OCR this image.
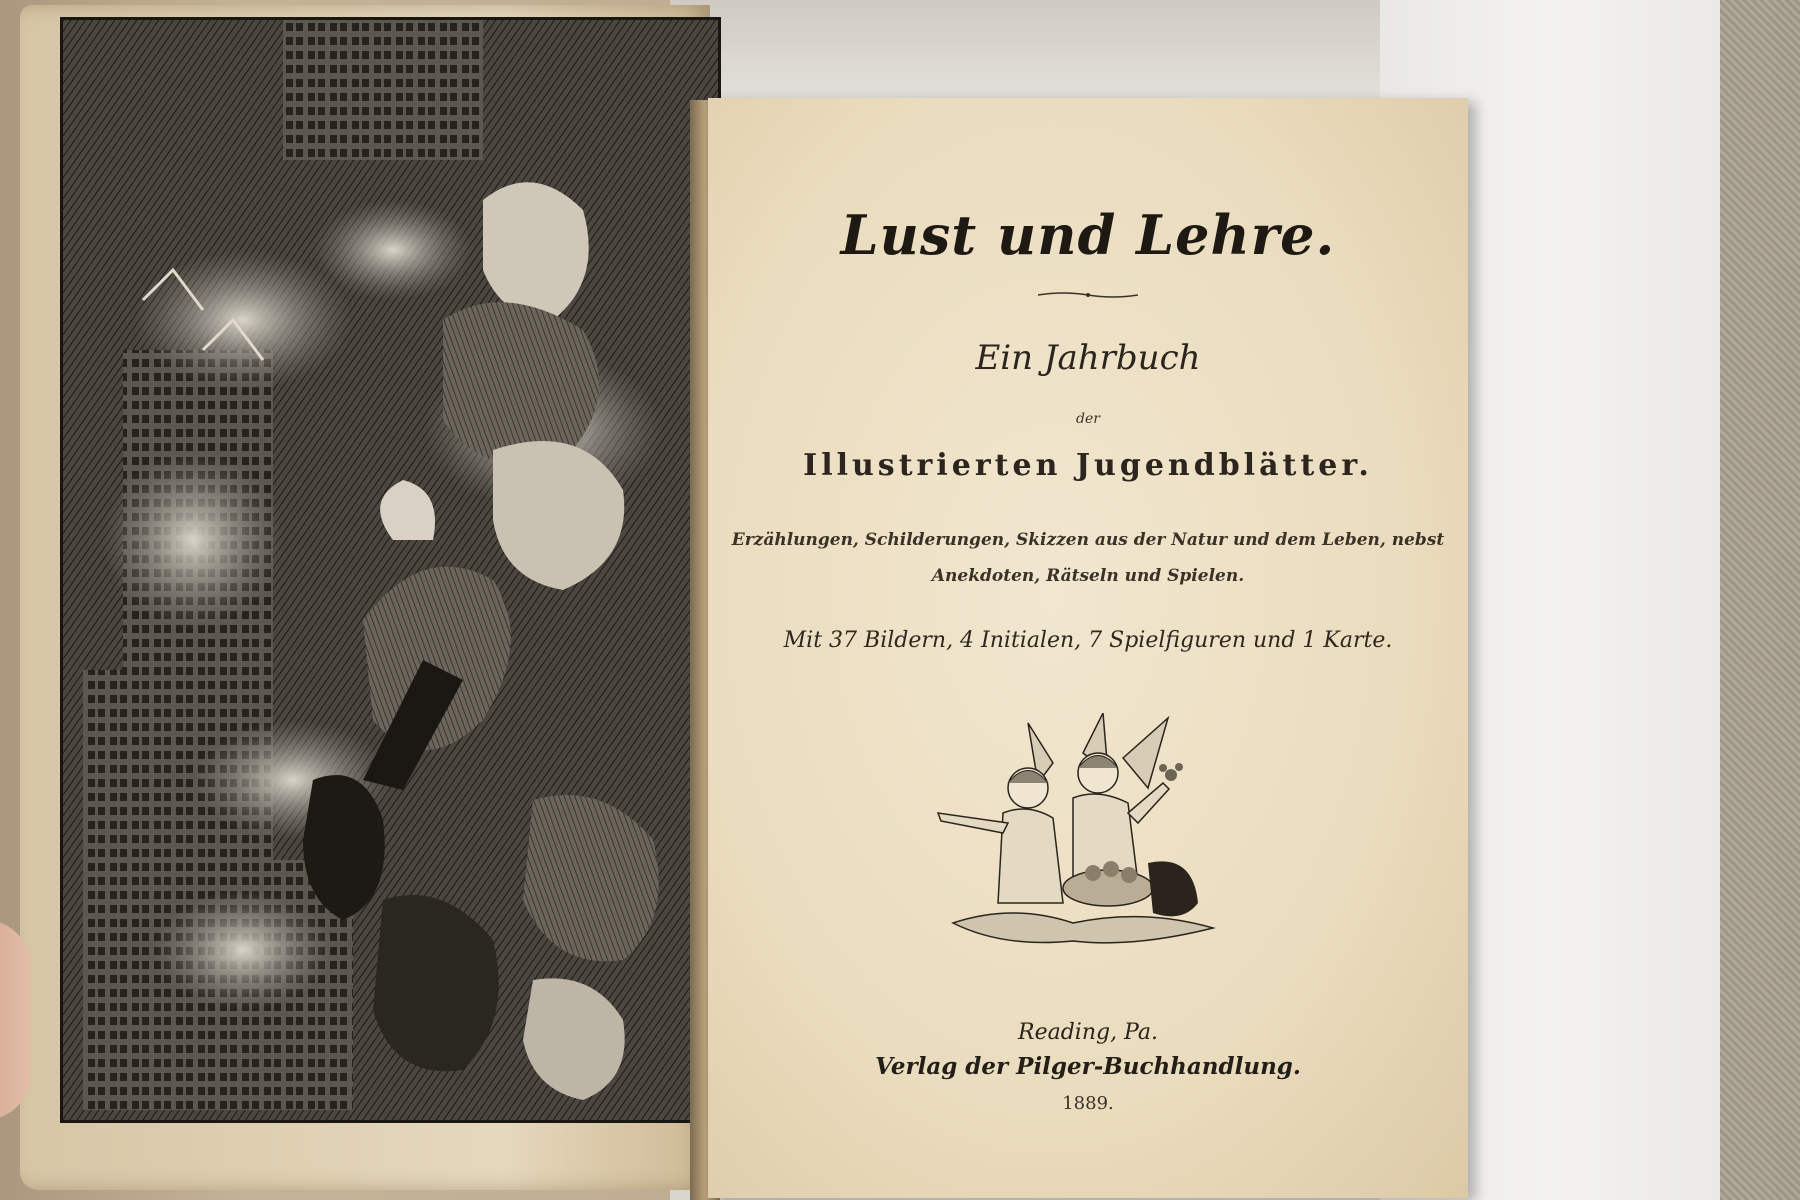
Lust und Lehre.
Ein Jahrbuch
der
Illustrierten Jugendblätter.
Erzählungen, Schilderungen, Skizzen aus der Natur und dem Leben, nebst
Anekdoten, Rätseln und Spielen.
Mit 37 Bildern, 4 Initialen, 7 Spielfiguren und 1 Karte.
Reading, Pa.
Verlag der Pilger-Buchhandlung.
1889.
